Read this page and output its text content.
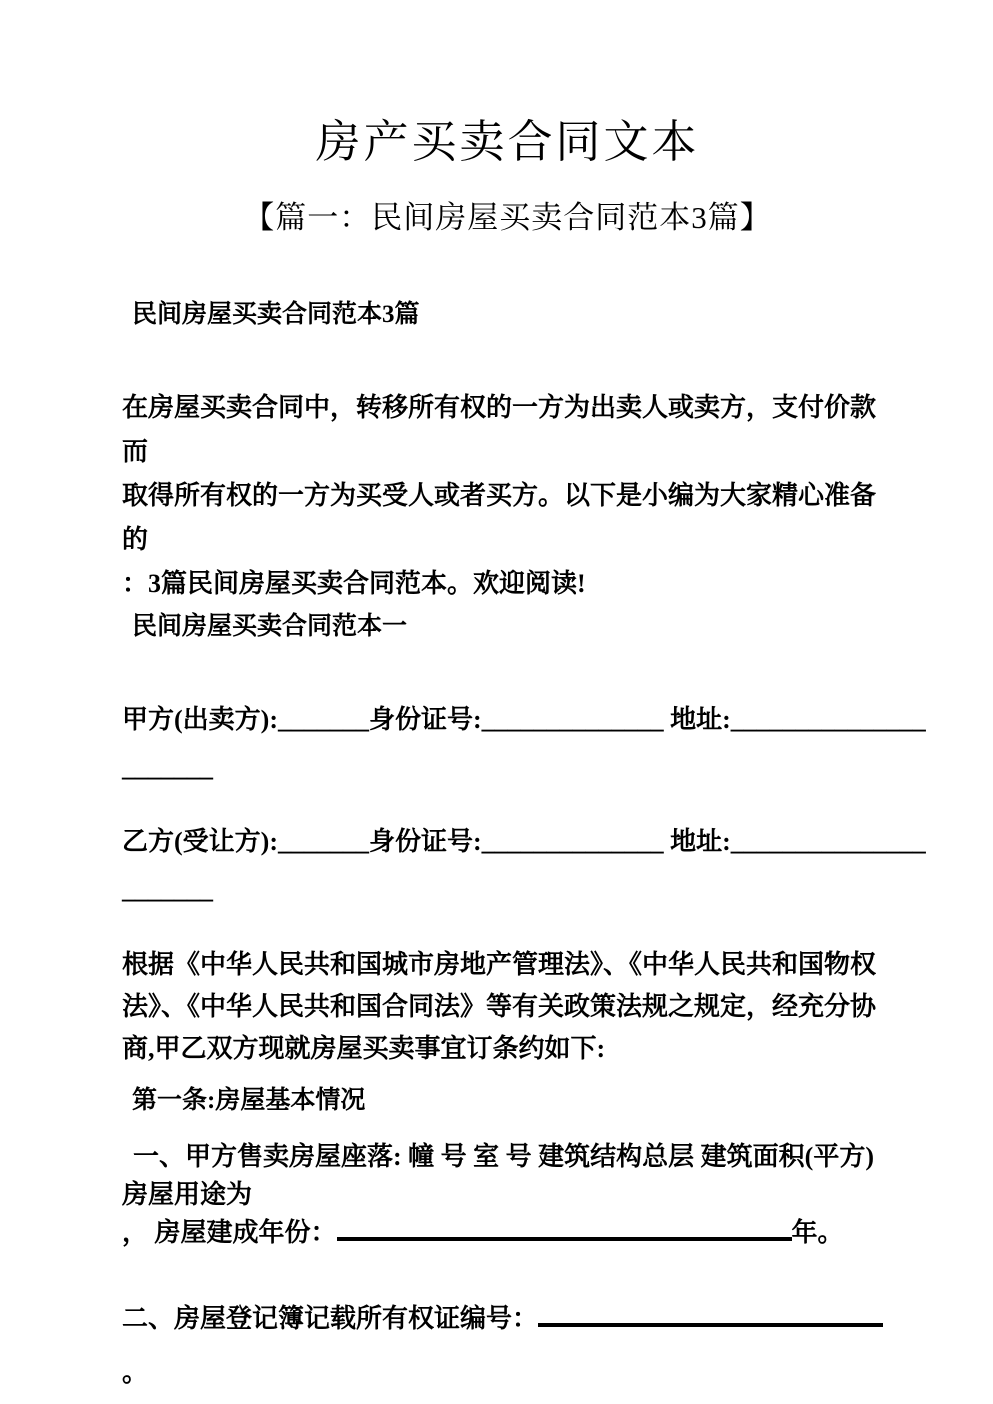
房产买卖合同文本
【篇一：民间房屋买卖合同范本3篇】
民间房屋买卖合同范本3篇
在房屋买卖合同中，转移所有权的一方为出卖人或卖方，支付价款而
取得所有权的一方为买受人或者买方。以下是小编为大家精心准备的
：3篇民间房屋买卖合同范本。欢迎阅读!
民间房屋买卖合同范本一
甲方(出卖方):_______身份证号:______________ 地址:_______________
_______
乙方(受让方):_______身份证号:______________ 地址:_______________
_______
根据《中华人民共和国城市房地产管理法》、《中华人民共和国物权
法》、《中华人民共和国合同法》等有关政策法规之规定，经充分协
商,甲乙双方现就房屋买卖事宜订条约如下:
第一条:房屋基本情况
一、甲方售卖房屋座落: 幢 号 室 号 建筑结构总层 建筑面积(平方)
房屋用途为
， 房屋建成年份：	年。
二、房屋登记簿记载所有权证编号：
。
